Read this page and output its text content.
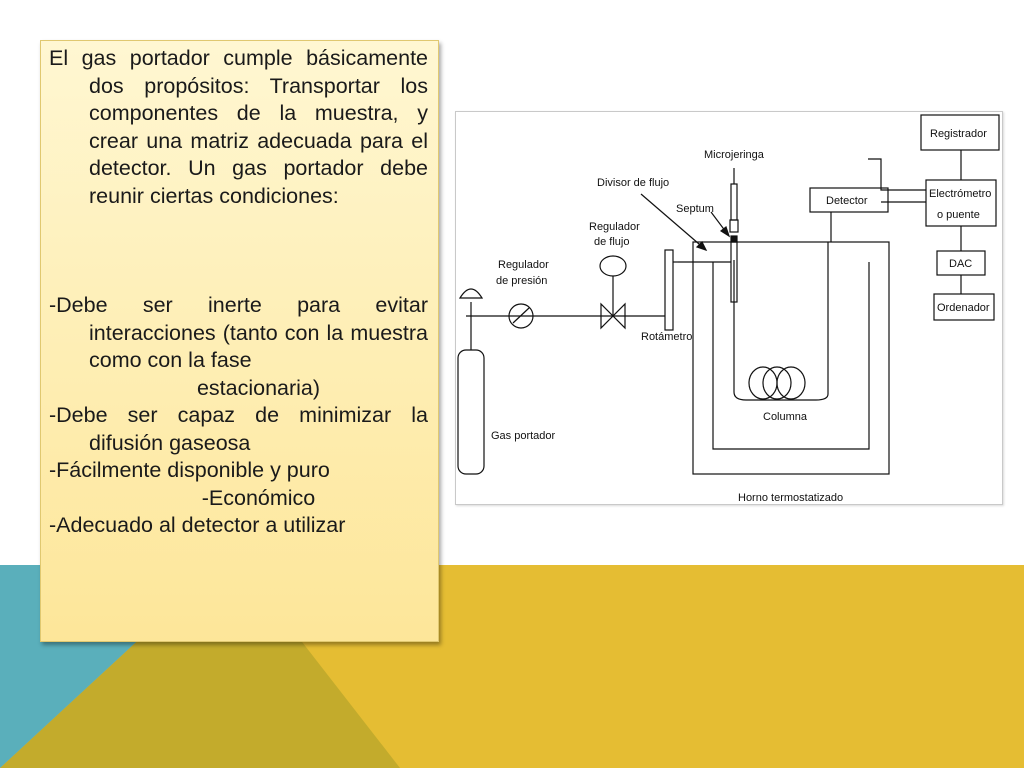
El gas portador cumple básicamente dos propósitos: Transportar los componentes de la muestra, y crear una matriz adecuada para el detector. Un gas portador debe reunir ciertas condiciones:

-Debe ser inerte para evitar interacciones (tanto con la muestra como con la fase

estacionaria)

-Debe ser capaz de minimizar la difusión gaseosa

-Fácilmente disponible y puro

-Económico

-Adecuado al detector a utilizar

Registrador
Microjeringa
Divisor de flujo
Septum
Detector
Electrómetro
o puente
Regulador
de flujo
Regulador
de presión
DAC
Ordenador
Rotámetro
Columna
Gas portador
Horno termostatizado
